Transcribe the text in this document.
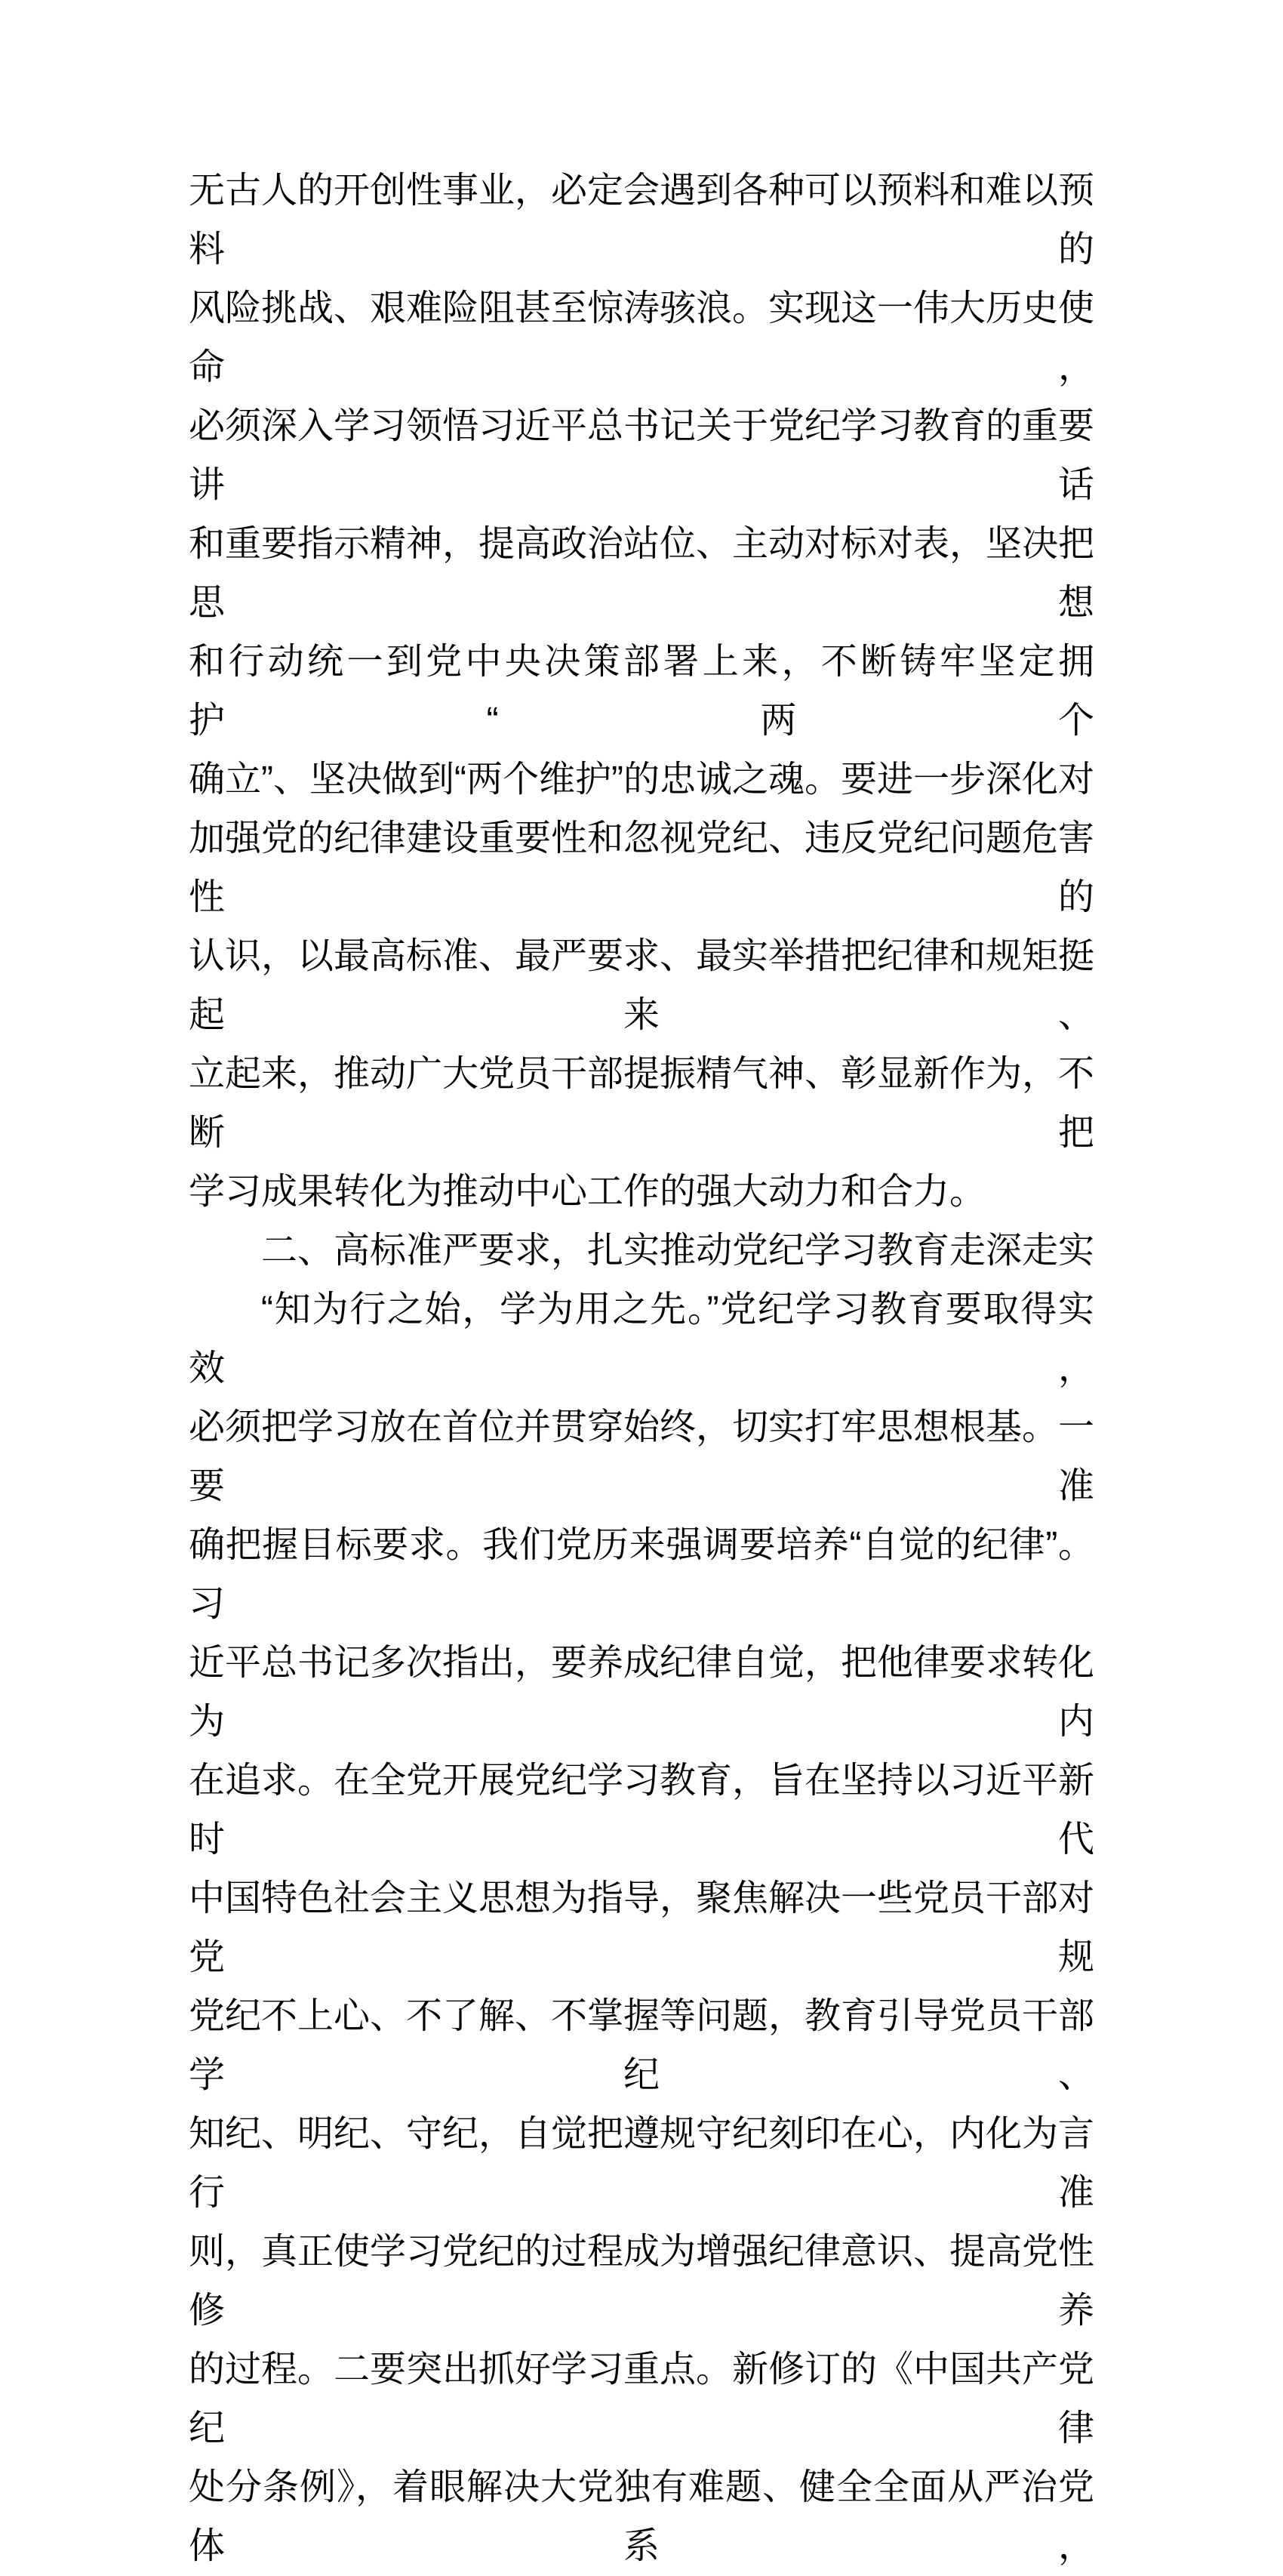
无古人的开创性事业，必定会遇到各种可以预料和难以预料的
风险挑战、艰难险阻甚至惊涛骇浪。实现这一伟大历史使命，
必须深入学习领悟习近平总书记关于党纪学习教育的重要讲话
和重要指示精神，提高政治站位、主动对标对表，坚决把思想
和行动统一到党中央决策部署上来，不断铸牢坚定拥护“两个
确立”、坚决做到“两个维护”的忠诚之魂。要进一步深化对
加强党的纪律建设重要性和忽视党纪、违反党纪问题危害性的
认识，以最高标准、最严要求、最实举措把纪律和规矩挺起来、
立起来，推动广大党员干部提振精气神、彰显新作为，不断把
学习成果转化为推动中心工作的强大动力和合力。
二、高标准严要求，扎实推动党纪学习教育走深走实
“知为行之始，学为用之先。”党纪学习教育要取得实效，
必须把学习放在首位并贯穿始终，切实打牢思想根基。一要准
确把握目标要求。我们党历来强调要培养“自觉的纪律”。习
近平总书记多次指出，要养成纪律自觉，把他律要求转化为内
在追求。在全党开展党纪学习教育，旨在坚持以习近平新时代
中国特色社会主义思想为指导，聚焦解决一些党员干部对党规
党纪不上心、不了解、不掌握等问题，教育引导党员干部学纪、
知纪、明纪、守纪，自觉把遵规守纪刻印在心，内化为言行准
则，真正使学习党纪的过程成为增强纪律意识、提高党性修养
的过程。二要突出抓好学习重点。新修订的《中国共产党纪律
处分条例》，着眼解决大党独有难题、健全全面从严治党体系，
